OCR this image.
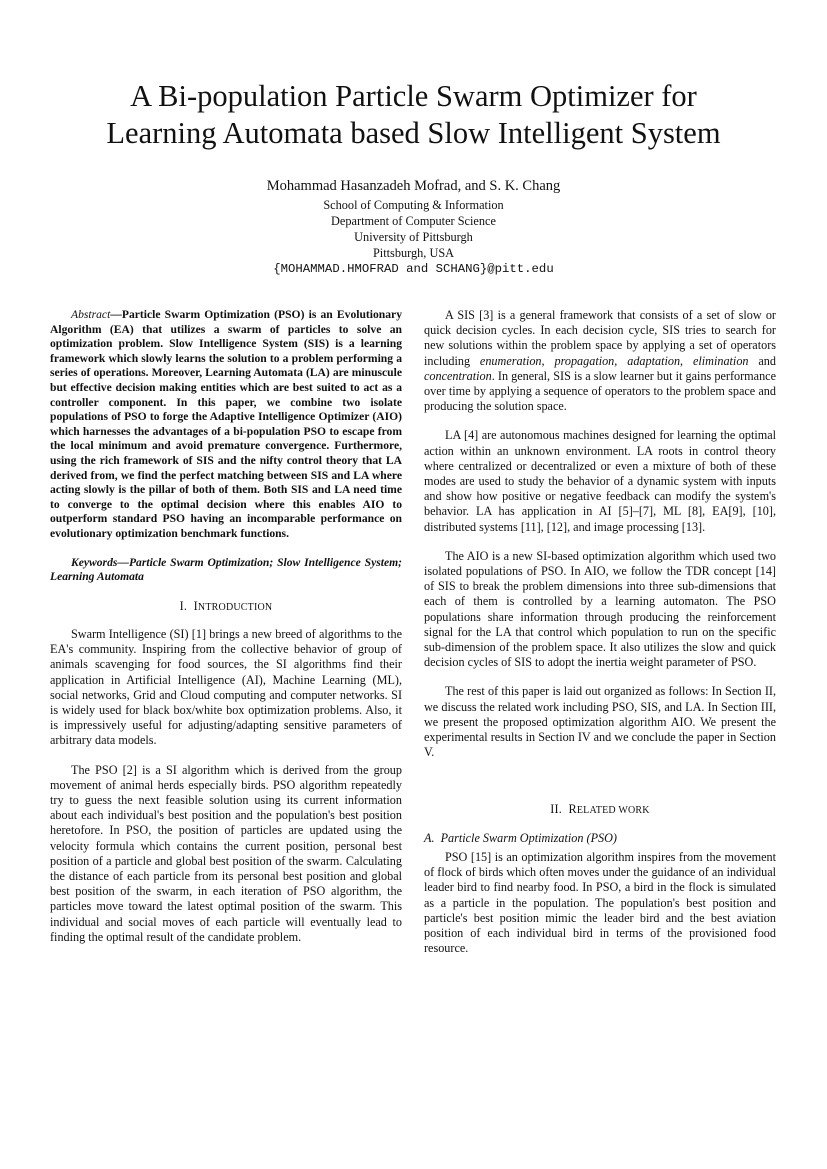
A Bi-population Particle Swarm Optimizer for
Learning Automata based Slow Intelligent System
Mohammad Hasanzadeh Mofrad, and S. K. Chang
School of Computing & Information
Department of Computer Science
University of Pittsburgh
Pittsburgh, USA
{MOHAMMAD.HMOFRAD and SCHANG}@pitt.edu

Abstract—Particle Swarm Optimization (PSO) is an Evolutionary Algorithm (EA) that utilizes a swarm of particles to solve an optimization problem. Slow Intelligence System (SIS) is a learning framework which slowly learns the solution to a problem performing a series of operations. Moreover, Learning Automata (LA) are minuscule but effective decision making entities which are best suited to act as a controller component. In this paper, we combine two isolate populations of PSO to forge the Adaptive Intelligence Optimizer (AIO) which harnesses the advantages of a bi-population PSO to escape from the local minimum and avoid premature convergence. Furthermore, using the rich framework of SIS and the nifty control theory that LA derived from, we find the perfect matching between SIS and LA where acting slowly is the pillar of both of them. Both SIS and LA need time to converge to the optimal decision where this enables AIO to outperform standard PSO having an incomparable performance on evolutionary optimization benchmark functions.

Keywords—Particle Swarm Optimization; Slow Intelligence System; Learning Automata

I. INTRODUCTION

Swarm Intelligence (SI) [1] brings a new breed of algorithms to the EA's community. Inspiring from the collective behavior of group of animals scavenging for food sources, the SI algorithms find their application in Artificial Intelligence (AI), Machine Learning (ML), social networks, Grid and Cloud computing and computer networks. SI is widely used for black box/white box optimization problems. Also, it is impressively useful for adjusting/adapting sensitive parameters of arbitrary data models.

The PSO [2] is a SI algorithm which is derived from the group movement of animal herds especially birds. PSO algorithm repeatedly try to guess the next feasible solution using its current information about each individual's best position and the population's best position heretofore. In PSO, the position of particles are updated using the velocity formula which contains the current position, personal best position of a particle and global best position of the swarm. Calculating the distance of each particle from its personal best position and global best position of the swarm, in each iteration of PSO algorithm, the particles move toward the latest optimal position of the swarm. This individual and social moves of each particle will eventually lead to finding the optimal result of the candidate problem.

A SIS [3] is a general framework that consists of a set of slow or quick decision cycles. In each decision cycle, SIS tries to search for new solutions within the problem space by applying a set of operators including enumeration, propagation, adaptation, elimination and concentration. In general, SIS is a slow learner but it gains performance over time by applying a sequence of operators to the problem space and producing the solution space.

LA [4] are autonomous machines designed for learning the optimal action within an unknown environment. LA roots in control theory where centralized or decentralized or even a mixture of both of these modes are used to study the behavior of a dynamic system with inputs and show how positive or negative feedback can modify the system's behavior. LA has application in AI [5]–[7], ML [8], EA[9], [10], distributed systems [11], [12], and image processing [13].

The AIO is a new SI-based optimization algorithm which used two isolated populations of PSO. In AIO, we follow the TDR concept [14] of SIS to break the problem dimensions into three sub-dimensions that each of them is controlled by a learning automaton. The PSO populations share information through producing the reinforcement signal for the LA that control which population to run on the specific sub-dimension of the problem space. It also utilizes the slow and quick decision cycles of SIS to adopt the inertia weight parameter of PSO.

The rest of this paper is laid out organized as follows: In Section II, we discuss the related work including PSO, SIS, and LA. In Section III, we present the proposed optimization algorithm AIO. We present the experimental results in Section IV and we conclude the paper in Section V.

II. RELATED WORK
A. Particle Swarm Optimization (PSO)

PSO [15] is an optimization algorithm inspires from the movement of flock of birds which often moves under the guidance of an individual leader bird to find nearby food. In PSO, a bird in the flock is simulated as a particle in the population. The population's best position and particle's best position mimic the leader bird and the best aviation position of each individual bird in terms of the provisioned food resource.
